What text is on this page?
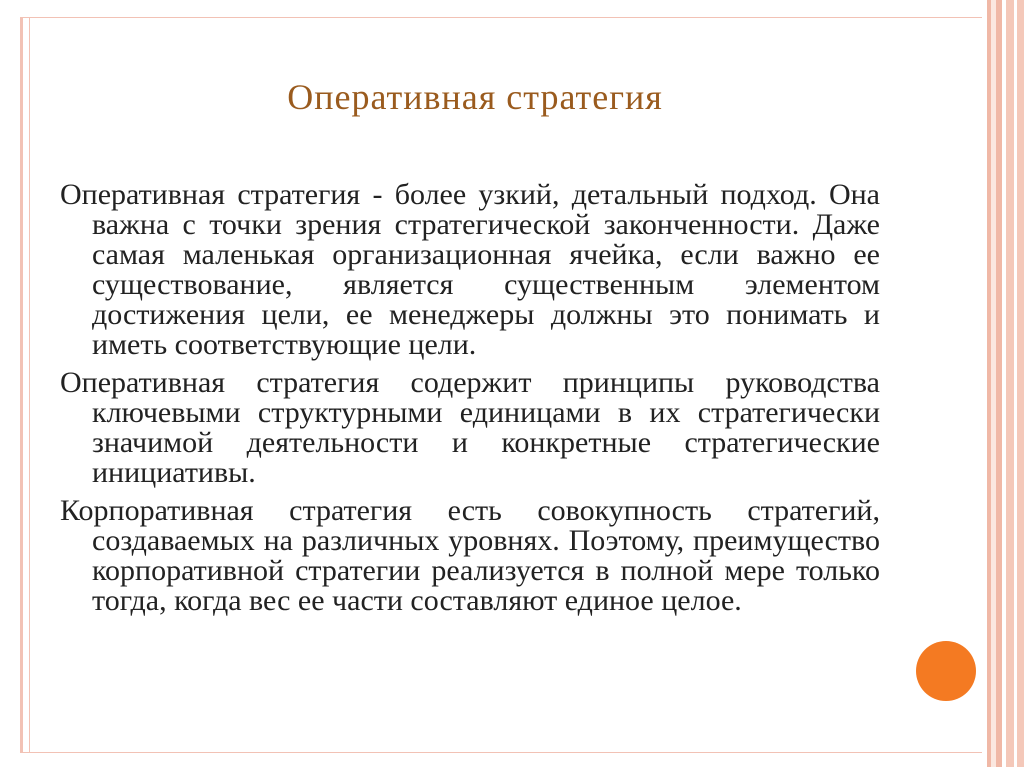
Оперативная стратегия

Оперативная стратегия - более узкий, детальный подход. Она важна с точки зрения стратегической законченности. Даже самая маленькая организационная ячейка, если важно ее существование, является существенным элементом достижения цели, ее менеджеры должны это понимать и иметь соответствующие цели.

Оперативная стратегия содержит принципы руководства ключевыми структурными единицами в их стратегически значимой деятельности и конкретные стратегические инициативы.

Корпоративная стратегия есть совокупность стратегий, создаваемых на различных уровнях. Поэтому, преимущество корпоративной стратегии реализуется в полной мере только тогда, когда вес ее части составляют единое целое.
